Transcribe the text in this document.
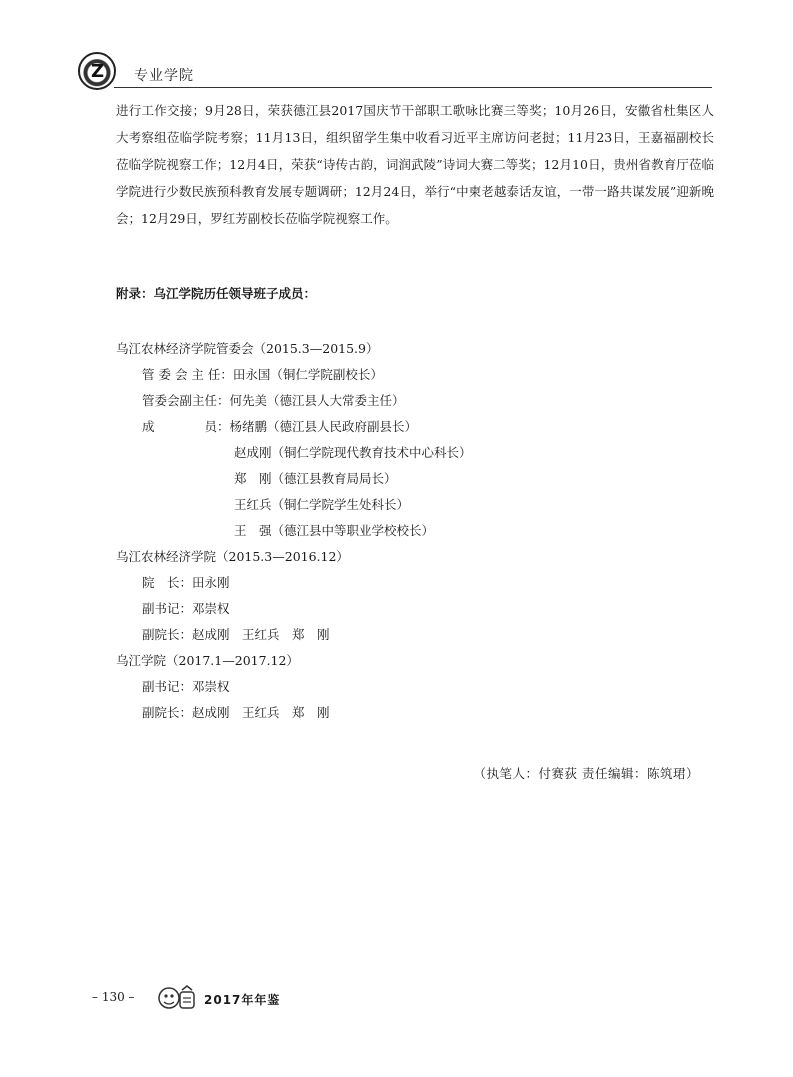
Z 专业学院

进行工作交接；9月28日，荣获德江县2017国庆节干部职工歌咏比赛三等奖；10月26日，安徽省杜集区人大考察组莅临学院考察；11月13日，组织留学生集中收看习近平主席访问老挝；11月23日，王嘉福副校长莅临学院视察工作；12月4日，荣获“诗传古韵，词润武陵”诗词大赛二等奖；12月10日，贵州省教育厅莅临学院进行少数民族预科教育发展专题调研；12月24日，举行“中柬老越泰话友谊，一带一路共谋发展”迎新晚会；12月29日，罗红芳副校长莅临学院视察工作。

附录：乌江学院历任领导班子成员：

乌江农林经济学院管委会（2015.3—2015.9）
管 委 会 主 任：田永国（铜仁学院副校长）
管委会副主任：何先美（德江县人大常委主任）
成　　　　员：杨绪鹏（德江县人民政府副县长）
赵成刚（铜仁学院现代教育技术中心科长）
郑　刚（德江县教育局局长）
王红兵（铜仁学院学生处科长）
王　强（德江县中等职业学校校长）
乌江农林经济学院（2015.3—2016.12）
院　长：田永刚
副书记：邓崇权
副院长：赵成刚　王红兵　郑　刚
乌江学院（2017.1—2017.12）
副书记：邓崇权
副院长：赵成刚　王红兵　郑　刚
（执笔人：付赛荻 责任编辑：陈筑珺）
– 130 –	2017年年鉴
